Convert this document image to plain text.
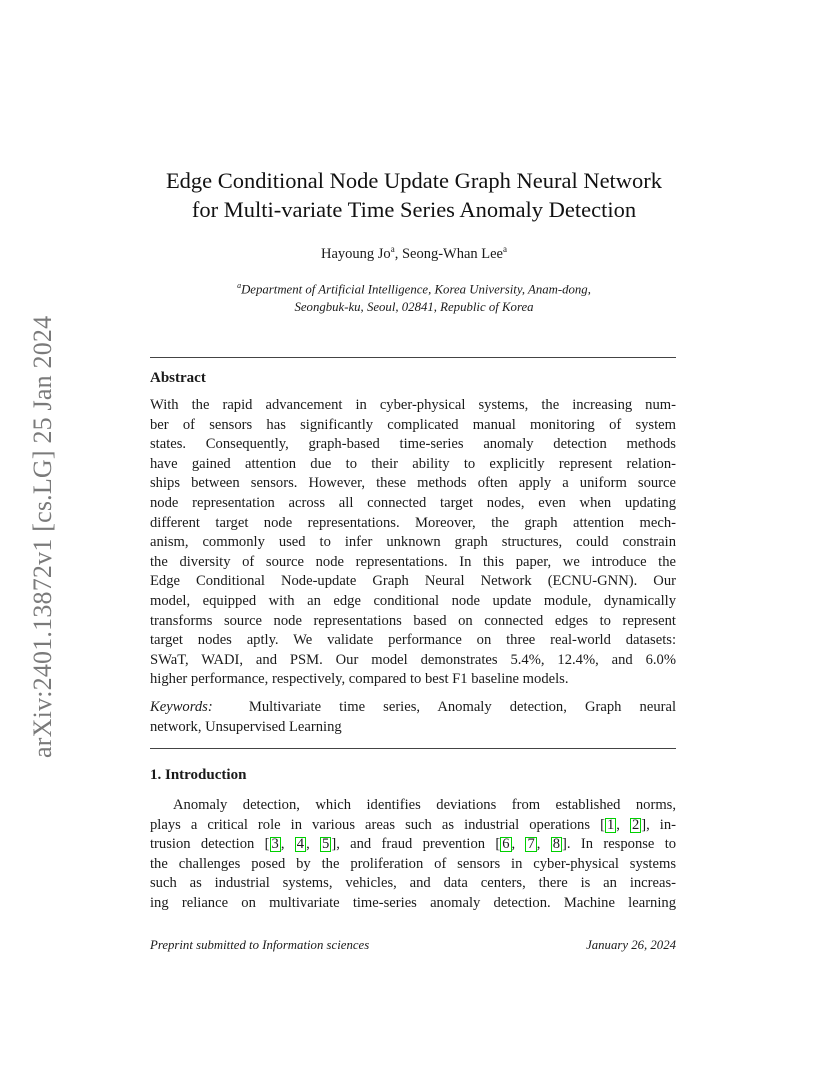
arXiv:2401.13872v1 [cs.LG] 25 Jan 2024
Edge Conditional Node Update Graph Neural Network
for Multi-variate Time Series Anomaly Detection
Hayoung Jo$^a$, Seong-Whan Lee$^a$
$^a$Department of Artificial Intelligence, Korea University, Anam-dong,
Seongbuk-ku, Seoul, 02841, Republic of Korea
Abstract
With the rapid advancement in cyber-physical systems, the increasing num-
ber of sensors has significantly complicated manual monitoring of system
states. Consequently, graph-based time-series anomaly detection methods
have gained attention due to their ability to explicitly represent relation-
ships between sensors. However, these methods often apply a uniform source
node representation across all connected target nodes, even when updating
different target node representations. Moreover, the graph attention mech-
anism, commonly used to infer unknown graph structures, could constrain
the diversity of source node representations. In this paper, we introduce the
Edge Conditional Node-update Graph Neural Network (ECNU-GNN). Our
model, equipped with an edge conditional node update module, dynamically
transforms source node representations based on connected edges to represent
target nodes aptly. We validate performance on three real-world datasets:
SWaT, WADI, and PSM. Our model demonstrates 5.4%, 12.4%, and 6.0%
higher performance, respectively, compared to best F1 baseline models.
Keywords: Multivariate time series, Anomaly detection, Graph neural
network, Unsupervised Learning
1. Introduction
Anomaly detection, which identifies deviations from established norms,
plays a critical role in various areas such as industrial operations [ 1 , 2 ], in-
trusion detection [ 3 , 4 , 5 ], and fraud prevention [ 6 , 7 , 8 ]. In response to
the challenges posed by the proliferation of sensors in cyber-physical systems
such as industrial systems, vehicles, and data centers, there is an increas-
ing reliance on multivariate time-series anomaly detection. Machine learning
Preprint submitted to Information sciences	January 26, 2024
